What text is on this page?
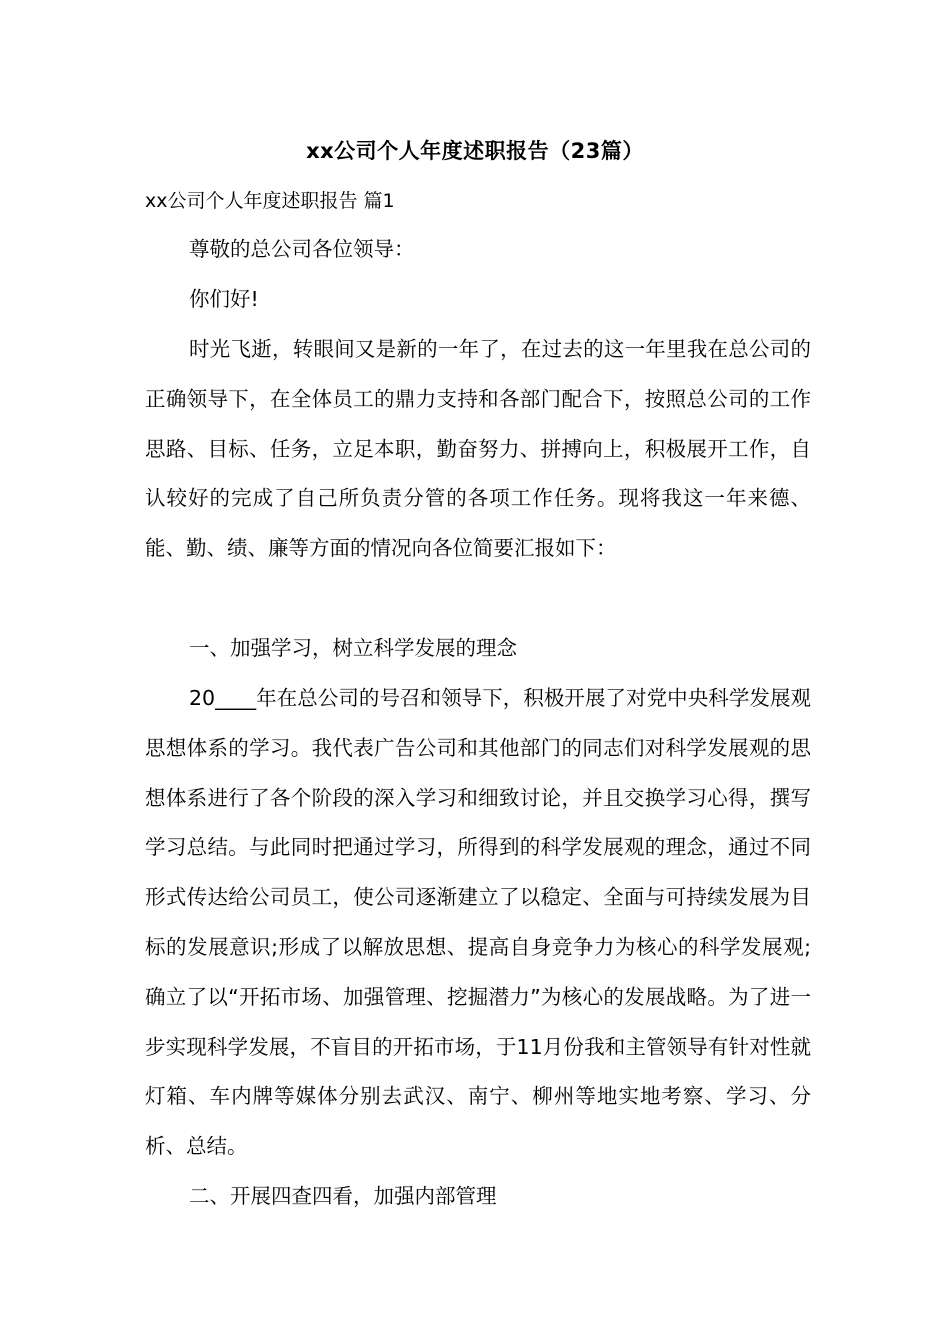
xx公司个人年度述职报告（23篇）
xx公司个人年度述职报告 篇1

尊敬的总公司各位领导：

你们好!

时光飞逝，转眼间又是新的一年了，在过去的这一年里我在总公司的正确领导下，在全体员工的鼎力支持和各部门配合下，按照总公司的工作思路、目标、任务，立足本职，勤奋努力、拼搏向上，积极展开工作，自认较好的完成了自己所负责分管的各项工作任务。现将我这一年来德、能、勤、绩、廉等方面的情况向各位简要汇报如下：

一、加强学习，树立科学发展的理念

20____年在总公司的号召和领导下，积极开展了对党中央科学发展观思想体系的学习。我代表广告公司和其他部门的同志们对科学发展观的思想体系进行了各个阶段的深入学习和细致讨论，并且交换学习心得，撰写学习总结。与此同时把通过学习，所得到的科学发展观的理念，通过不同形式传达给公司员工，使公司逐渐建立了以稳定、全面与可持续发展为目标的发展意识;形成了以解放思想、提高自身竞争力为核心的科学发展观;确立了以“开拓市场、加强管理、挖掘潜力”为核心的发展战略。为了进一步实现科学发展，不盲目的开拓市场，于11月份我和主管领导有针对性就灯箱、车内牌等媒体分别去武汉、南宁、柳州等地实地考察、学习、分析、总结。

二、开展四查四看，加强内部管理
